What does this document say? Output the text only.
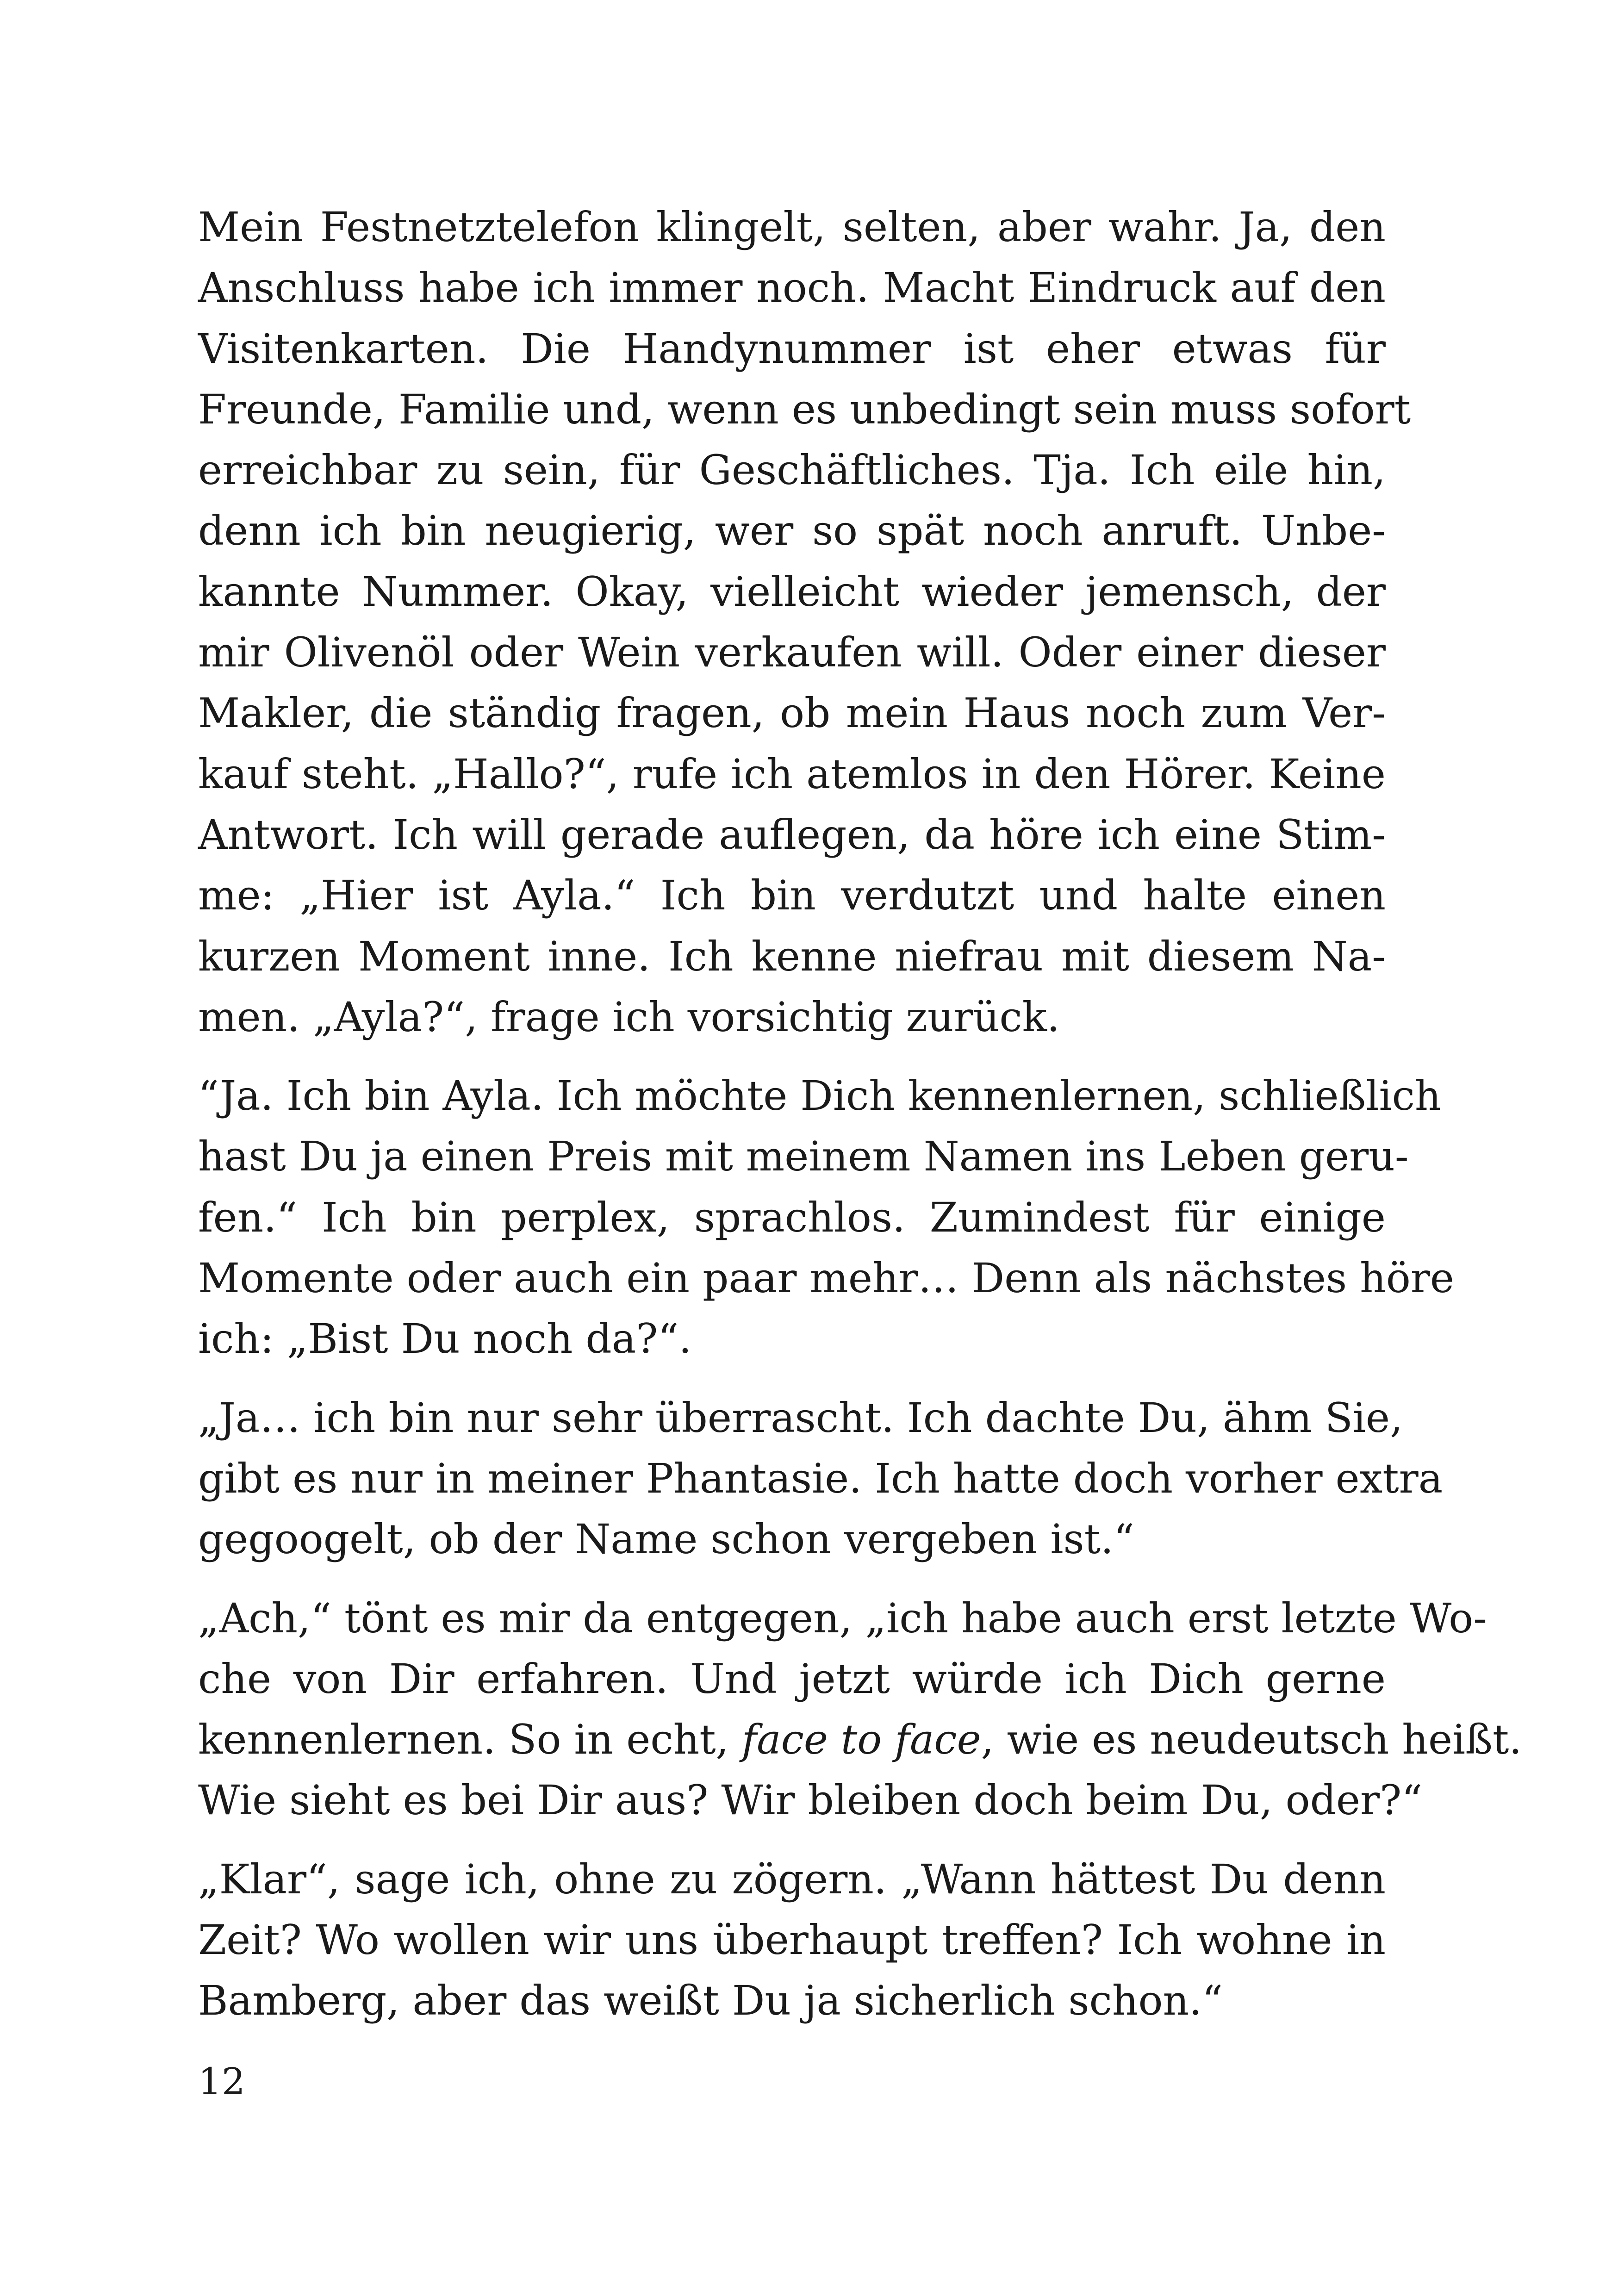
Mein Festnetztelefon klingelt, selten, aber wahr. Ja, den
Anschluss habe ich immer noch. Macht Eindruck auf den
Visitenkarten. Die Handynummer ist eher etwas für
Freunde, Familie und, wenn es unbedingt sein muss sofort
erreichbar zu sein, für Geschäftliches. Tja. Ich eile hin,
denn ich bin neugierig, wer so spät noch anruft. Unbe-
kannte Nummer. Okay, vielleicht wieder jemensch, der
mir Olivenöl oder Wein verkaufen will. Oder einer dieser
Makler, die ständig fragen, ob mein Haus noch zum Ver-
kauf steht. „Hallo?“, rufe ich atemlos in den Hörer. Keine
Antwort. Ich will gerade auflegen, da höre ich eine Stim-
me: „Hier ist Ayla.“ Ich bin verdutzt und halte einen
kurzen Moment inne. Ich kenne niefrau mit diesem Na-
men. „Ayla?“, frage ich vorsichtig zurück.

“Ja. Ich bin Ayla. Ich möchte Dich kennenlernen, schließlich
hast Du ja einen Preis mit meinem Namen ins Leben geru-
fen.“ Ich bin perplex, sprachlos. Zumindest für einige
Momente oder auch ein paar mehr… Denn als nächstes höre
ich: „Bist Du noch da?“.

„Ja… ich bin nur sehr überrascht. Ich dachte Du, ähm Sie,
gibt es nur in meiner Phantasie. Ich hatte doch vorher extra
gegoogelt, ob der Name schon vergeben ist.“

„Ach,“ tönt es mir da entgegen, „ich habe auch erst letzte Wo-
che von Dir erfahren. Und jetzt würde ich Dich gerne
kennenlernen. So in echt, face to face, wie es neudeutsch heißt.
Wie sieht es bei Dir aus? Wir bleiben doch beim Du, oder?“

„Klar“, sage ich, ohne zu zögern. „Wann hättest Du denn
Zeit? Wo wollen wir uns überhaupt treffen? Ich wohne in
Bamberg, aber das weißt Du ja sicherlich schon.“

12
